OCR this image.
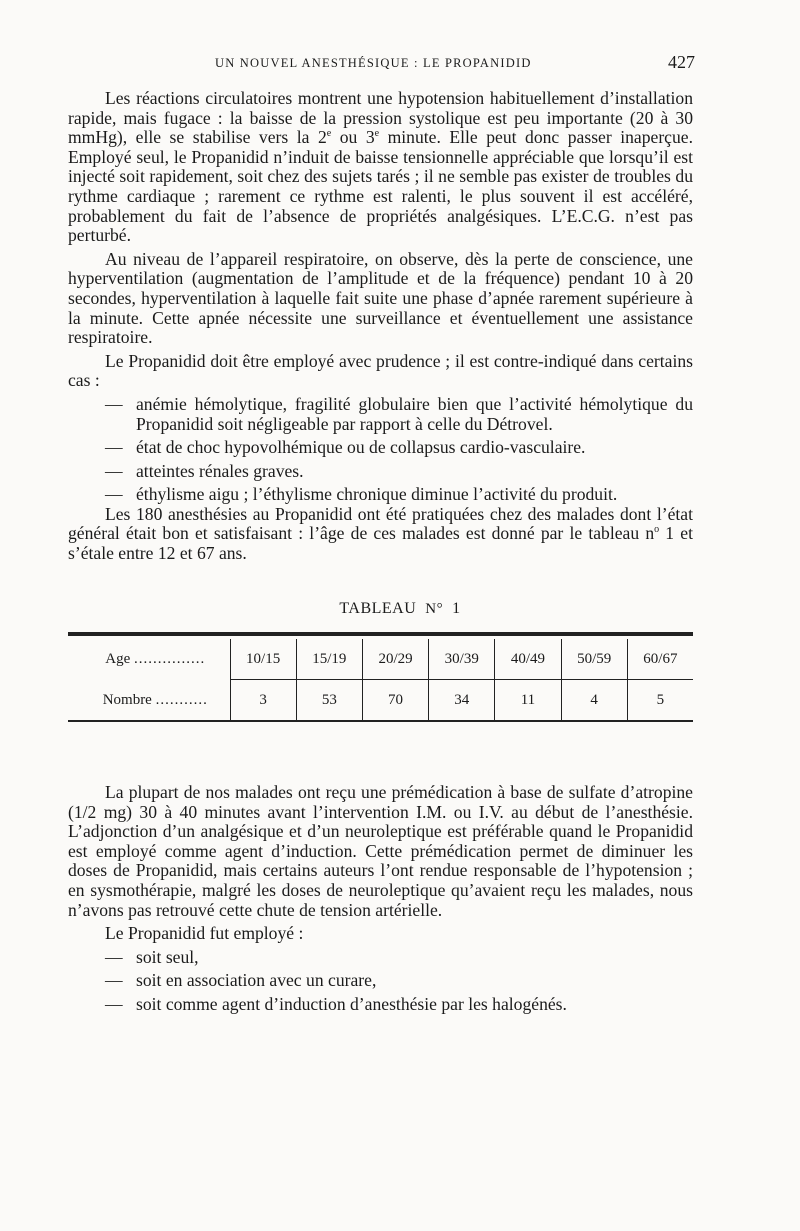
UN NOUVEL ANESTHÉSIQUE : LE PROPANIDID	427

Les réactions circulatoires montrent une hypotension habituellement d’installation rapide, mais fugace : la baisse de la pression systolique est peu importante (20 à 30 mmHg), elle se stabilise vers la 2e ou 3e minute. Elle peut donc passer inaperçue. Employé seul, le Propanidid n’induit de baisse tensionnelle appréciable que lorsqu’il est injecté soit rapidement, soit chez des sujets tarés ; il ne semble pas exister de troubles du rythme cardiaque ; rarement ce rythme est ralenti, le plus souvent il est accéléré, probablement du fait de l’absence de propriétés analgésiques. L’E.C.G. n’est pas perturbé.

Au niveau de l’appareil respiratoire, on observe, dès la perte de conscience, une hyperventilation (augmentation de l’amplitude et de la fréquence) pendant 10 à 20 secondes, hyperventilation à laquelle fait suite une phase d’apnée rarement supérieure à la minute. Cette apnée nécessite une surveillance et éventuellement une assistance respiratoire.

Le Propanidid doit être employé avec prudence ; il est contre-indiqué dans certains cas :

— anémie hémolytique, fragilité globulaire bien que l’activité hémolytique du Propanidid soit négligeable par rapport à celle du Détrovel.
— état de choc hypovolhémique ou de collapsus cardio-vasculaire.
— atteintes rénales graves.
— éthylisme aigu ; l’éthylisme chronique diminue l’activité du produit.

Les 180 anesthésies au Propanidid ont été pratiquées chez des malades dont l’état général était bon et satisfaisant : l’âge de ces malades est donné par le tableau $n^o$ 1 et s’étale entre 12 et 67 ans.

TABLEAU N° 1

Age ...............	10/15	15/19	20/29	30/39	40/49	50/59	60/67

Nombre ...........	3	53	70	34	11	4	5

La plupart de nos malades ont reçu une prémédication à base de sulfate d’atropine (1/2 mg) 30 à 40 minutes avant l’intervention I.M. ou I.V. au début de l’anesthésie. L’adjonction d’un analgésique et d’un neuroleptique est préférable quand le Propanidid est employé comme agent d’induction. Cette prémédication permet de diminuer les doses de Propanidid, mais certains auteurs l’ont rendue responsable de l’hypotension ; en sysmothérapie, malgré les doses de neuroleptique qu’avaient reçu les malades, nous n’avons pas retrouvé cette chute de tension artérielle.

Le Propanidid fut employé :

— soit seul,
— soit en association avec un curare,
— soit comme agent d’induction d’anesthésie par les halogénés.
